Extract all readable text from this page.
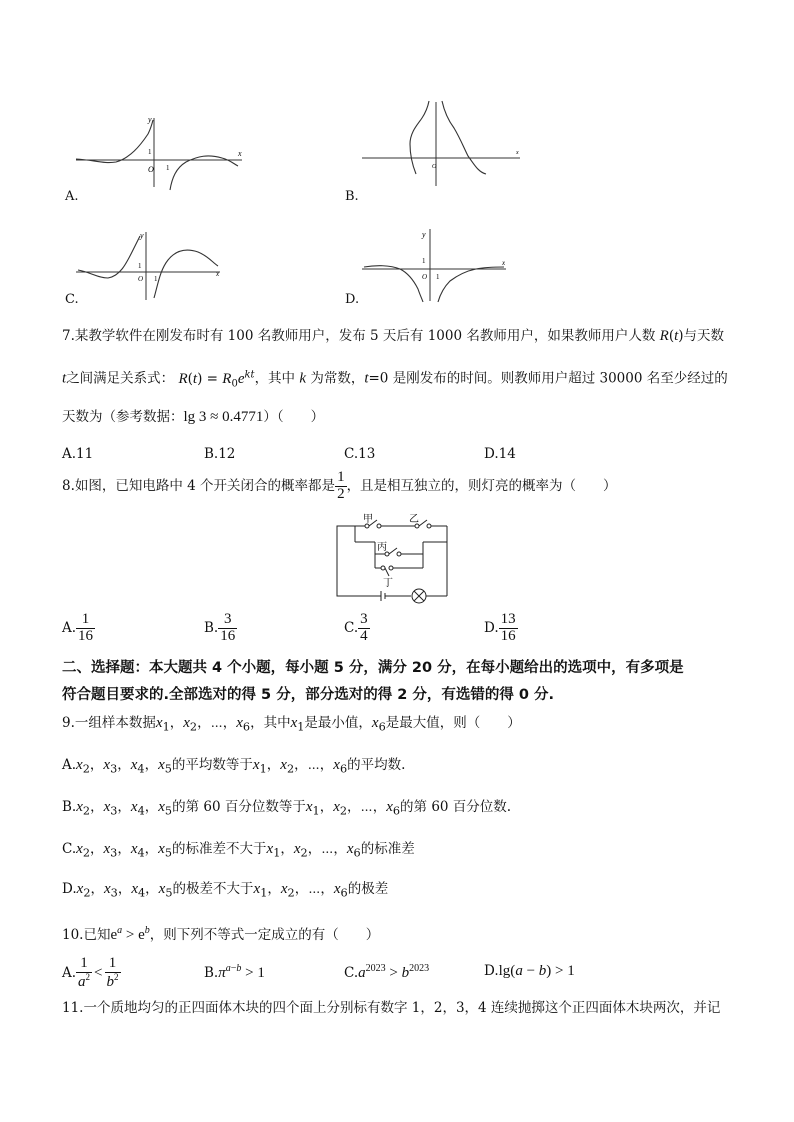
y
x
1
O 1
A.
x
O
B.
y
x
1
O 1
C.
y
x
1
O 1
D.
7.某教学软件在刚发布时有 100 名教师用户，发布 5 天后有 1000 名教师用户，如果教师用户人数 R(t)与天数
t之间满足关系式： $R(t) = R_0e^{kt}$，其中 k 为常数，t=0 是刚发布的时间。则教师用户超过 30000 名至少经过的
天数为（参考数据：lg 3 ≈ 0.4771）（　　）
A.11	B.12	C.13	D.14
8.如图，已知电路中 4 个开关闭合的概率都是 $\frac{1}{2}$ ，且是相互独立的，则灯亮的概率为（　　）
甲	乙
丙
丁
A. $\frac{1}{16}$	B. $\frac{3}{16}$	C. $\frac{3}{4}$	D. $\frac{13}{16}$
二、选择题：本大题共 4 个小题，每小题 5 分，满分 20 分，在每小题给出的选项中，有多项是
符合题目要求的.全部选对的得 5 分，部分选对的得 2 分，有选错的得 0 分.
9.一组样本数据$x_1$，$x_2$，⋯，$x_6$，其中$x_1$是最小值，$x_6$是最大值，则（　　）
$A.x_2$，$x_3$，$x_4$，$x_5$的平均数等于$x_1$，$x_2$，⋯，$x_6$的平均数.
$B.x_2$，$x_3$，$x_4$，$x_5$的第 60 百分位数等于$x_1$，$x_2$，⋯，$x_6$的第 60 百分位数.
$C.x_2$，$x_3$，$x_4$，$x_5$的标准差不大于$x_1$，$x_2$，⋯，$x_6$的标准差
$D.x_2$，$x_3$，$x_4$，$x_5$的极差不大于$x_1$，$x_2$，⋯，$x_6$的极差
10.已知$e^a > e^b$，则下列不等式一定成立的有（　　）
A. $\frac{1}{a^2} < \frac{1}{b^2}$	$B.\pi^{a-b} > 1$	$C.a^{2023} > b^{2023}$	D.lg(a − b) > 1
11.一个质地均匀的正四面体木块的四个面上分别标有数字 1，2，3，4 连续抛掷这个正四面体木块两次，并记
